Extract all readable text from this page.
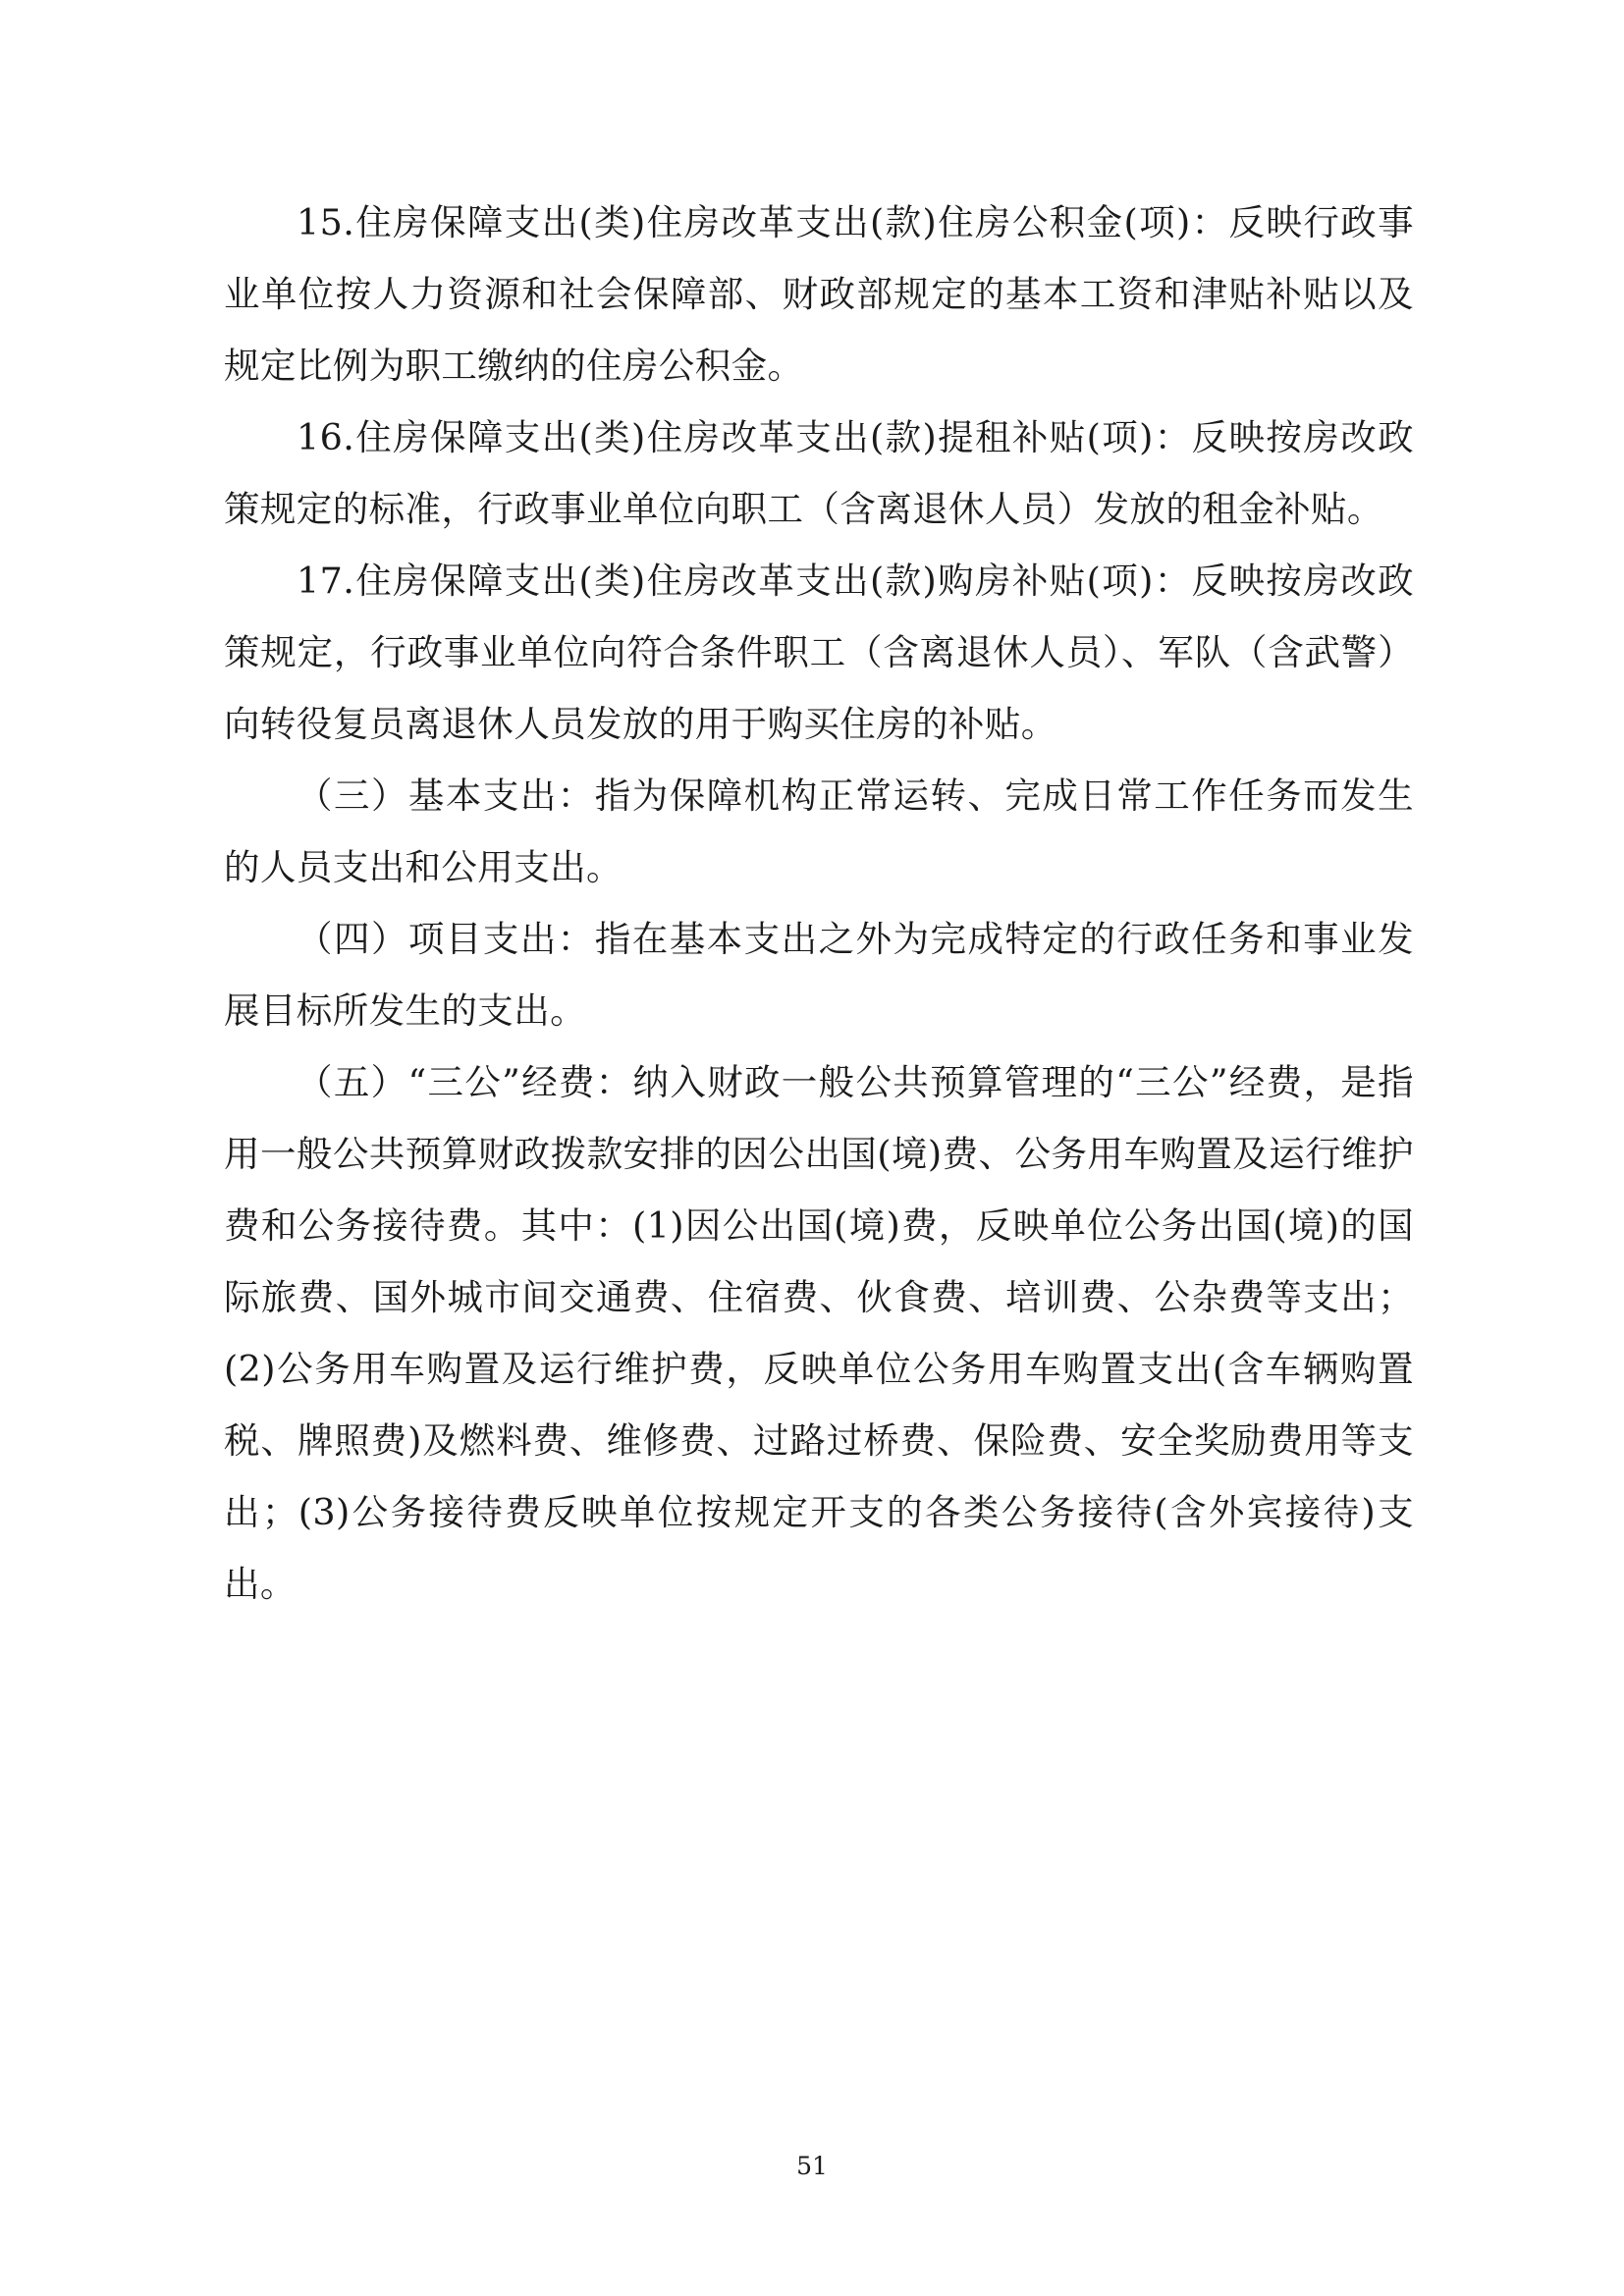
15.住房保障支出(类)住房改革支出(款)住房公积金(项)：反映行政事业单位按人力资源和社会保障部、财政部规定的基本工资和津贴补贴以及规定比例为职工缴纳的住房公积金。

16.住房保障支出(类)住房改革支出(款)提租补贴(项)：反映按房改政策规定的标准，行政事业单位向职工（含离退休人员）发放的租金补贴。

17.住房保障支出(类)住房改革支出(款)购房补贴(项)：反映按房改政策规定，行政事业单位向符合条件职工（含离退休人员）、军队（含武警）向转役复员离退休人员发放的用于购买住房的补贴。

（三）基本支出：指为保障机构正常运转、完成日常工作任务而发生的人员支出和公用支出。

（四）项目支出：指在基本支出之外为完成特定的行政任务和事业发展目标所发生的支出。

（五）“三公”经费：纳入财政一般公共预算管理的“三公”经费，是指用一般公共预算财政拨款安排的因公出国(境)费、公务用车购置及运行维护费和公务接待费。其中：(1)因公出国(境)费，反映单位公务出国(境)的国际旅费、国外城市间交通费、住宿费、伙食费、培训费、公杂费等支出；(2)公务用车购置及运行维护费，反映单位公务用车购置支出(含车辆购置税、牌照费)及燃料费、维修费、过路过桥费、保险费、安全奖励费用等支出；(3)公务接待费反映单位按规定开支的各类公务接待(含外宾接待)支出。

51
